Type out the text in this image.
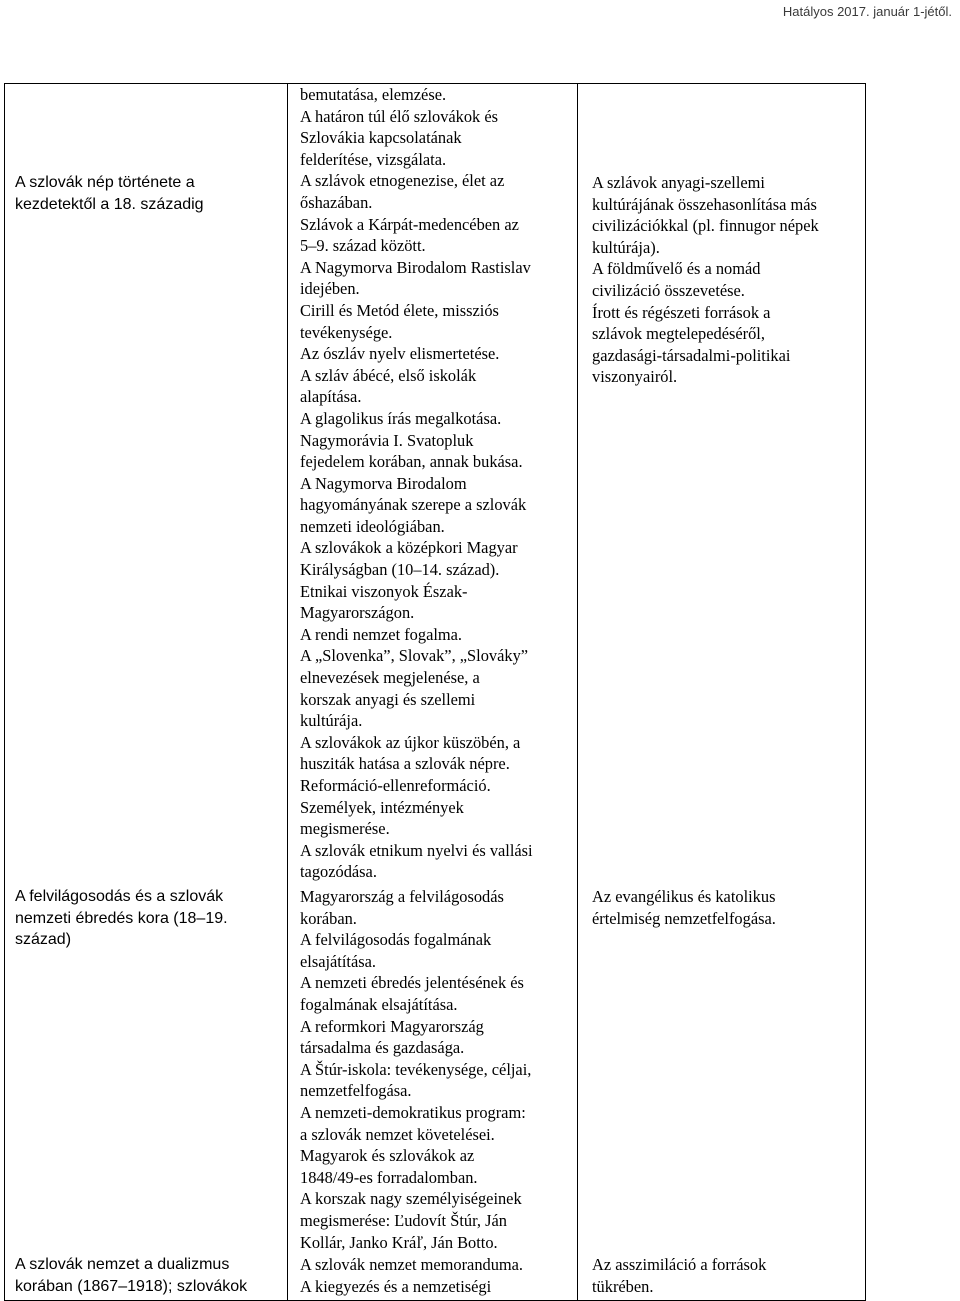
Hatályos 2017. január 1-jétől.
A szlovák nép története a
kezdetektől a 18. századig
bemutatása, elemzése.
A határon túl élő szlovákok és
Szlovákia kapcsolatának
felderítése, vizsgálata.
A szlávok etnogenezise, élet az
őshazában.
Szlávok a Kárpát-medencében az
5–9. század között.
A Nagymorva Birodalom Rastislav
idejében.
Cirill és Metód élete, missziós
tevékenysége.
Az ószláv nyelv elismertetése.
A szláv ábécé, első iskolák
alapítása.
A glagolikus írás megalkotása.
Nagymorávia I. Svatopluk
fejedelem korában, annak bukása.
A Nagymorva Birodalom
hagyományának szerepe a szlovák
nemzeti ideológiában.
A szlovákok a középkori Magyar
Királyságban (10–14. század).
Etnikai viszonyok Észak-
Magyarországon.
A rendi nemzet fogalma.
A „Slovenka”, Slovak”, „Slováky”
elnevezések megjelenése, a
korszak anyagi és szellemi
kultúrája.
A szlovákok az újkor küszöbén, a
husziták hatása a szlovák népre.
Reformáció-ellenreformáció.
Személyek, intézmények
megismerése.
A szlovák etnikum nyelvi és vallási
tagozódása.
A szlávok anyagi-szellemi
kultúrájának összehasonlítása más
civilizációkkal (pl. finnugor népek
kultúrája).
A földművelő és a nomád
civilizáció összevetése.
Írott és régészeti források a
szlávok megtelepedéséről,
gazdasági-társadalmi-politikai
viszonyairól.
A felvilágosodás és a szlovák
nemzeti ébredés kora (18–19.
század)
Magyarország a felvilágosodás
korában.
A felvilágosodás fogalmának
elsajátítása.
A nemzeti ébredés jelentésének és
fogalmának elsajátítása.
A reformkori Magyarország
társadalma és gazdasága.
A Štúr-iskola: tevékenysége, céljai,
nemzetfelfogása.
A nemzeti-demokratikus program:
a szlovák nemzet követelései.
Magyarok és szlovákok az
1848/49-es forradalomban.
A korszak nagy személyiségeinek
megismerése: Ľudovít Štúr, Ján
Kollár, Janko Kráľ, Ján Botto.
Az evangélikus és katolikus
értelmiség nemzetfelfogása.
A szlovák nemzet a dualizmus
korában (1867–1918); szlovákok
A szlovák nemzet memoranduma.
A kiegyezés és a nemzetiségi
Az asszimiláció a források
tükrében.
